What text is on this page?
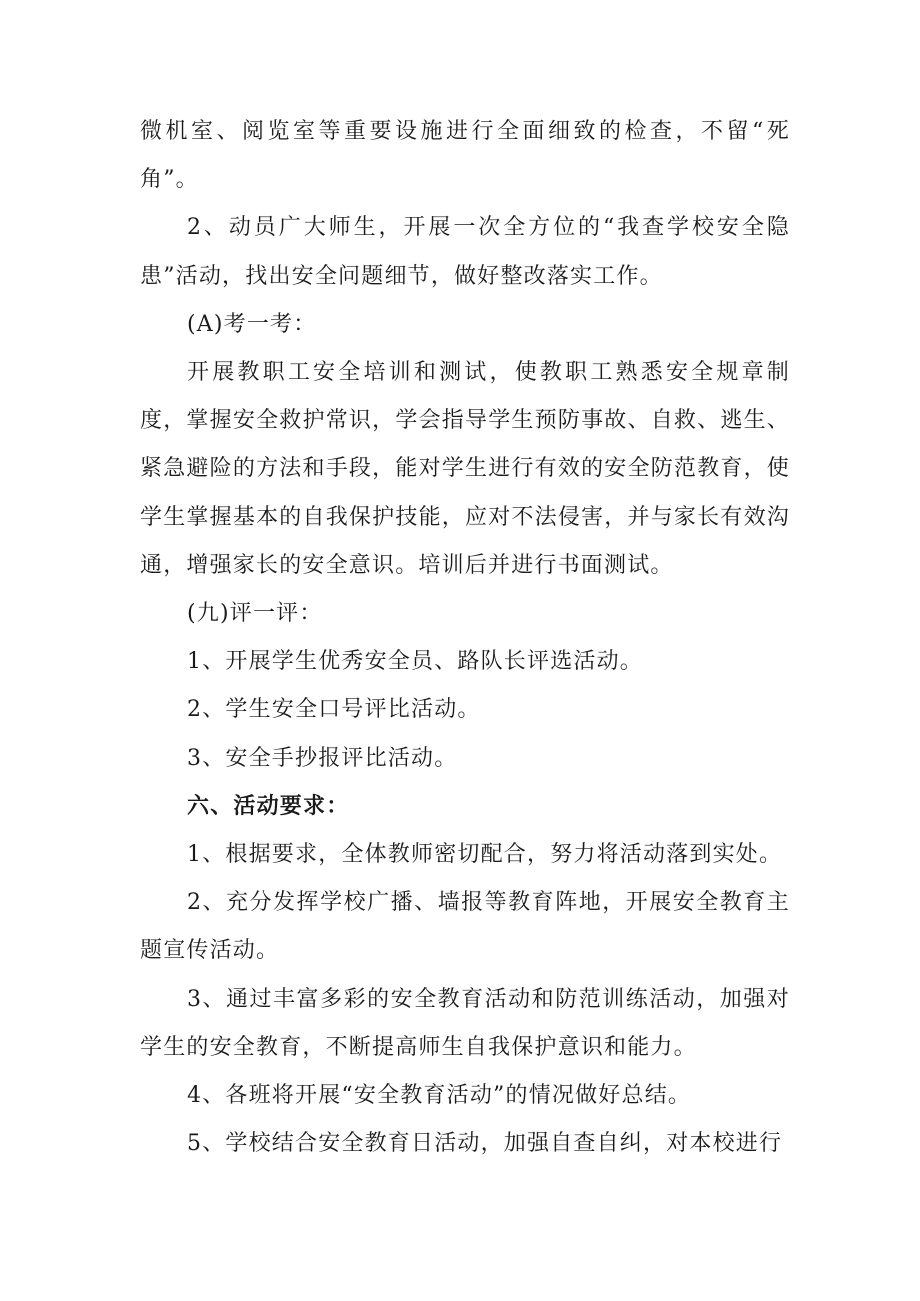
微机室、阅览室等重要设施进行全面细致的检查，不留“死角”。

2、动员广大师生，开展一次全方位的“我查学校安全隐患”活动，找出安全问题细节，做好整改落实工作。

(A)考一考：

开展教职工安全培训和测试，使教职工熟悉安全规章制度，掌握安全救护常识，学会指导学生预防事故、自救、逃生、紧急避险的方法和手段，能对学生进行有效的安全防范教育，使学生掌握基本的自我保护技能，应对不法侵害，并与家长有效沟通，增强家长的安全意识。培训后并进行书面测试。

(九)评一评：

1、开展学生优秀安全员、路队长评选活动。

2、学生安全口号评比活动。

3、安全手抄报评比活动。

六、活动要求：

1、根据要求，全体教师密切配合，努力将活动落到实处。

2、充分发挥学校广播、墙报等教育阵地，开展安全教育主题宣传活动。

3、通过丰富多彩的安全教育活动和防范训练活动，加强对学生的安全教育，不断提高师生自我保护意识和能力。

4、各班将开展“安全教育活动”的情况做好总结。

5、学校结合安全教育日活动，加强自查自纠，对本校进行
